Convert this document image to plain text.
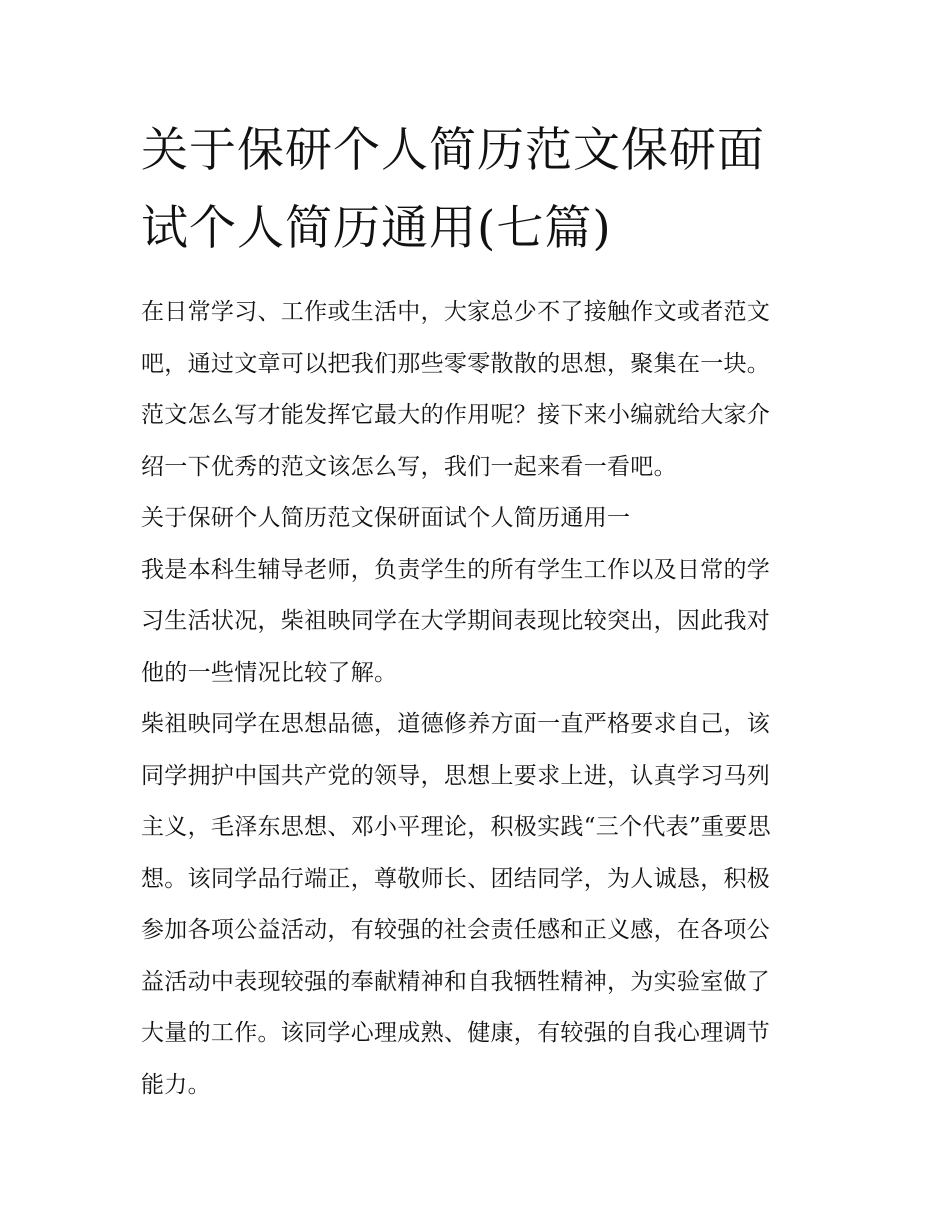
关于保研个人简历范文保研面
试个人简历通用(七篇)
在日常学习、工作或生活中，大家总少不了接触作文或者范文
吧，通过文章可以把我们那些零零散散的思想，聚集在一块。
范文怎么写才能发挥它最大的作用呢？接下来小编就给大家介
绍一下优秀的范文该怎么写，我们一起来看一看吧。
关于保研个人简历范文保研面试个人简历通用一
我是本科生辅导老师，负责学生的所有学生工作以及日常的学
习生活状况，柴祖映同学在大学期间表现比较突出，因此我对
他的一些情况比较了解。
柴祖映同学在思想品德，道德修养方面一直严格要求自己，该
同学拥护中国共产党的领导，思想上要求上进，认真学习马列
主义，毛泽东思想、邓小平理论，积极实践“三个代表”重要思
想。该同学品行端正，尊敬师长、团结同学，为人诚恳，积极
参加各项公益活动，有较强的社会责任感和正义感，在各项公
益活动中表现较强的奉献精神和自我牺牲精神，为实验室做了
大量的工作。该同学心理成熟、健康，有较强的自我心理调节
能力。
